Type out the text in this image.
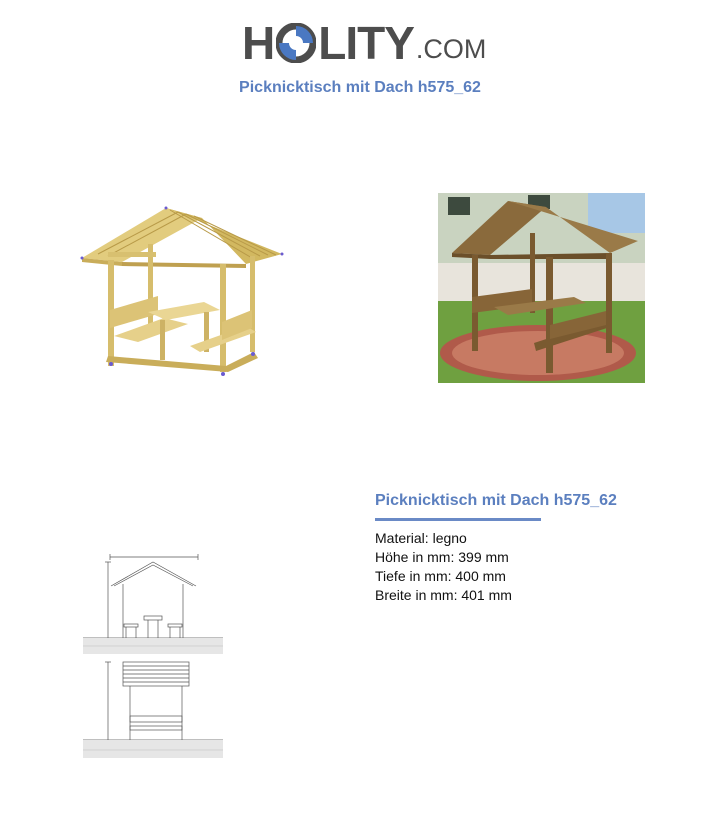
H LITY .COM
Picknicktisch mit Dach h575_62
Picknicktisch mit Dach h575_62
Material: legno
Höhe in mm: 399 mm
Tiefe in mm: 400 mm
Breite in mm: 401 mm
